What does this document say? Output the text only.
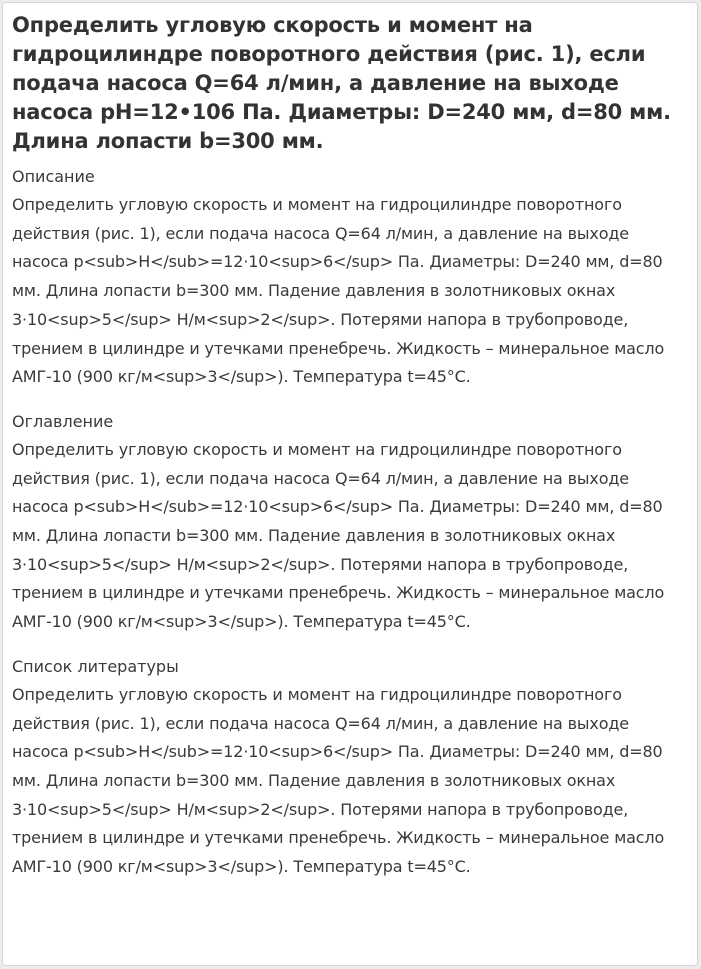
Определить угловую скорость и момент на гидроцилиндре поворотного действия (рис. 1), если подача насоса Q=64 л/мин, а давление на выходе насоса pH=12•106 Па. Диаметры: D=240 мм, d=80 мм. Длина лопасти b=300 мм.
Описание
Определить угловую скорость и момент на гидроцилиндре поворотного действия (рис. 1), если подача насоса Q=64 л/мин, а давление на выходе насоса p<sub>H</sub>=12·10<sup>6</sup> Па. Диаметры: D=240 мм, d=80 мм. Длина лопасти b=300 мм. Падение давления в золотниковых окнах 3·10<sup>5</sup> Н/м<sup>2</sup>. Потерями напора в трубопроводе, трением в цилиндре и утечками пренебречь. Жидкость – минеральное масло АМГ-10 (900 кг/м<sup>3</sup>). Температура t=45°С.
Оглавление
Определить угловую скорость и момент на гидроцилиндре поворотного действия (рис. 1), если подача насоса Q=64 л/мин, а давление на выходе насоса p<sub>H</sub>=12·10<sup>6</sup> Па. Диаметры: D=240 мм, d=80 мм. Длина лопасти b=300 мм. Падение давления в золотниковых окнах 3·10<sup>5</sup> Н/м<sup>2</sup>. Потерями напора в трубопроводе, трением в цилиндре и утечками пренебречь. Жидкость – минеральное масло АМГ-10 (900 кг/м<sup>3</sup>). Температура t=45°С.
Список литературы
Определить угловую скорость и момент на гидроцилиндре поворотного действия (рис. 1), если подача насоса Q=64 л/мин, а давление на выходе насоса p<sub>H</sub>=12·10<sup>6</sup> Па. Диаметры: D=240 мм, d=80 мм. Длина лопасти b=300 мм. Падение давления в золотниковых окнах 3·10<sup>5</sup> Н/м<sup>2</sup>. Потерями напора в трубопроводе, трением в цилиндре и утечками пренебречь. Жидкость – минеральное масло АМГ-10 (900 кг/м<sup>3</sup>). Температура t=45°С.
